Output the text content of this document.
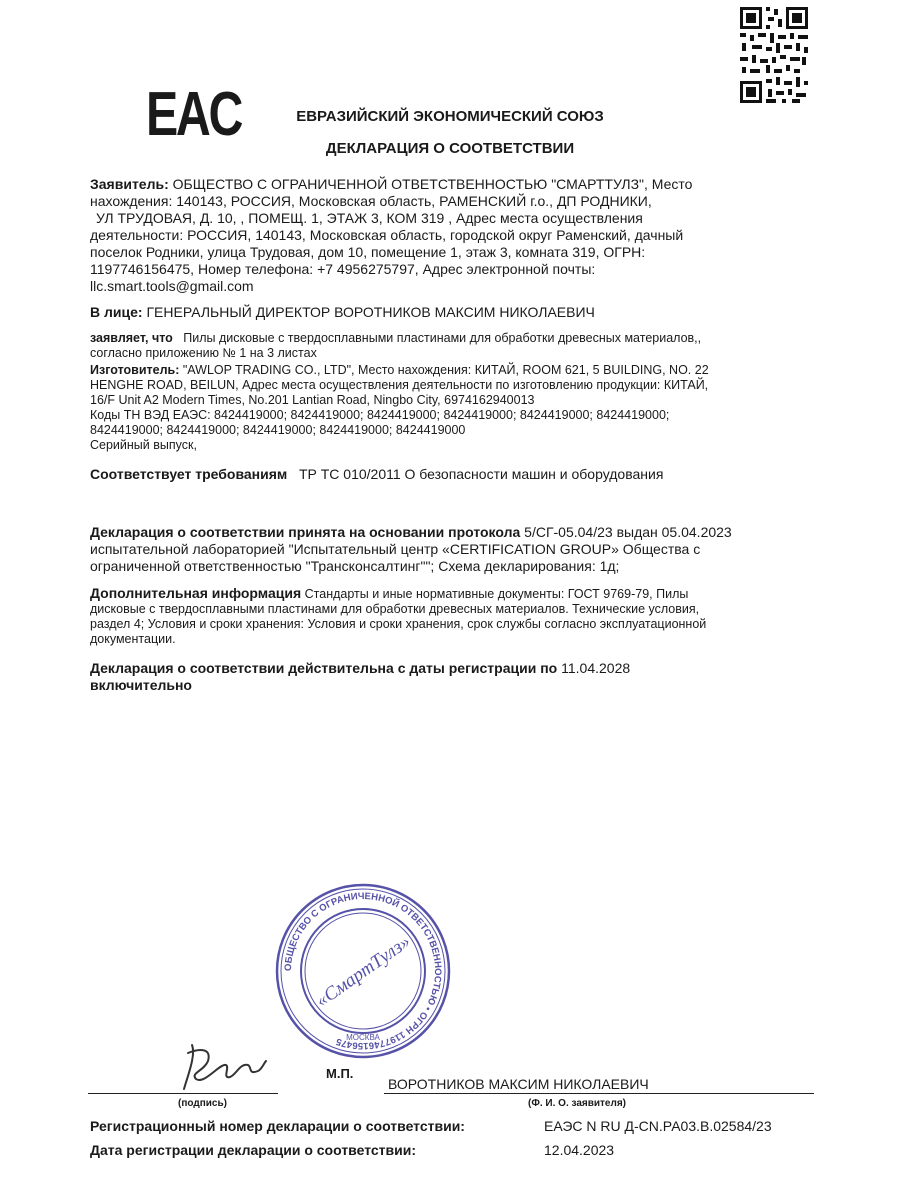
EAC	ЕВРАЗИЙСКИЙ ЭКОНОМИЧЕСКИЙ СОЮЗ
ДЕКЛАРАЦИЯ О СООТВЕТСТВИИ
Заявитель: ОБЩЕСТВО С ОГРАНИЧЕННОЙ ОТВЕТСТВЕННОСТЬЮ "СМАРТТУЛЗ", Место
нахождения: 140143, РОССИЯ, Московская область, РАМЕНСКИЙ г.о., ДП РОДНИКИ,
УЛ ТРУДОВАЯ, Д. 10, , ПОМЕЩ. 1, ЭТАЖ 3, КОМ 319 , Адрес места осуществления
деятельности: РОССИЯ, 140143, Московская область, городской округ Раменский, дачный
поселок Родники, улица Трудовая, дом 10, помещение 1, этаж 3, комната 319, ОГРН:
1197746156475, Номер телефона: +7 4956275797, Адрес электронной почты:
llc.smart.tools@gmail.com
В лице: ГЕНЕРАЛЬНЫЙ ДИРЕКТОР ВОРОТНИКОВ МАКСИМ НИКОЛАЕВИЧ
заявляет, что Пилы дисковые с твердосплавными пластинами для обработки древесных материалов,,
согласно приложению № 1 на 3 листах
Изготовитель: "AWLOP TRADING CO., LTD", Место нахождения: КИТАЙ, ROOM 621, 5 BUILDING, NO. 22
HENGHE ROAD, BEILUN, Адрес места осуществления деятельности по изготовлению продукции: КИТАЙ,
16/F Unit A2 Modern Times, No.201 Lantian Road, Ningbo City, 6974162940013
Коды ТН ВЭД ЕАЭС: 8424419000; 8424419000; 8424419000; 8424419000; 8424419000; 8424419000;
8424419000; 8424419000; 8424419000; 8424419000; 8424419000
Серийный выпуск,
Соответствует требованиям ТР ТС 010/2011 О безопасности машин и оборудования
Декларация о соответствии принята на основании протокола 5/СГ-05.04/23 выдан 05.04.2023
испытательной лабораторией "Испытательный центр «CERTIFICATION GROUP» Общества с
ограниченной ответственностью "Трансконсалтинг""; Схема декларирования: 1д;
Дополнительная информация Стандарты и иные нормативные документы: ГОСТ 9769-79, Пилы
дисковые с твердосплавными пластинами для обработки древесных материалов. Технические условия,
раздел 4; Условия и сроки хранения: Условия и сроки хранения, срок службы согласно эксплуатационной
документации.
Декларация о соответствии действительна с даты регистрации по 11.04.2028
включительно
ОБЩЕСТВО С ОГРАНИЧЕННОЙ ОТВЕТСТВЕННОСТЬЮ • ОГРН 1197746156475 МОСКВА
«СмартТулз»
М.П.
ВОРОТНИКОВ МАКСИМ НИКОЛАЕВИЧ
(подпись)	(Ф. И. О. заявителя)
Регистрационный номер декларации о соответствии:	ЕАЭС N RU Д-CN.РА03.В.02584/23
Дата регистрации декларации о соответствии:	12.04.2023
